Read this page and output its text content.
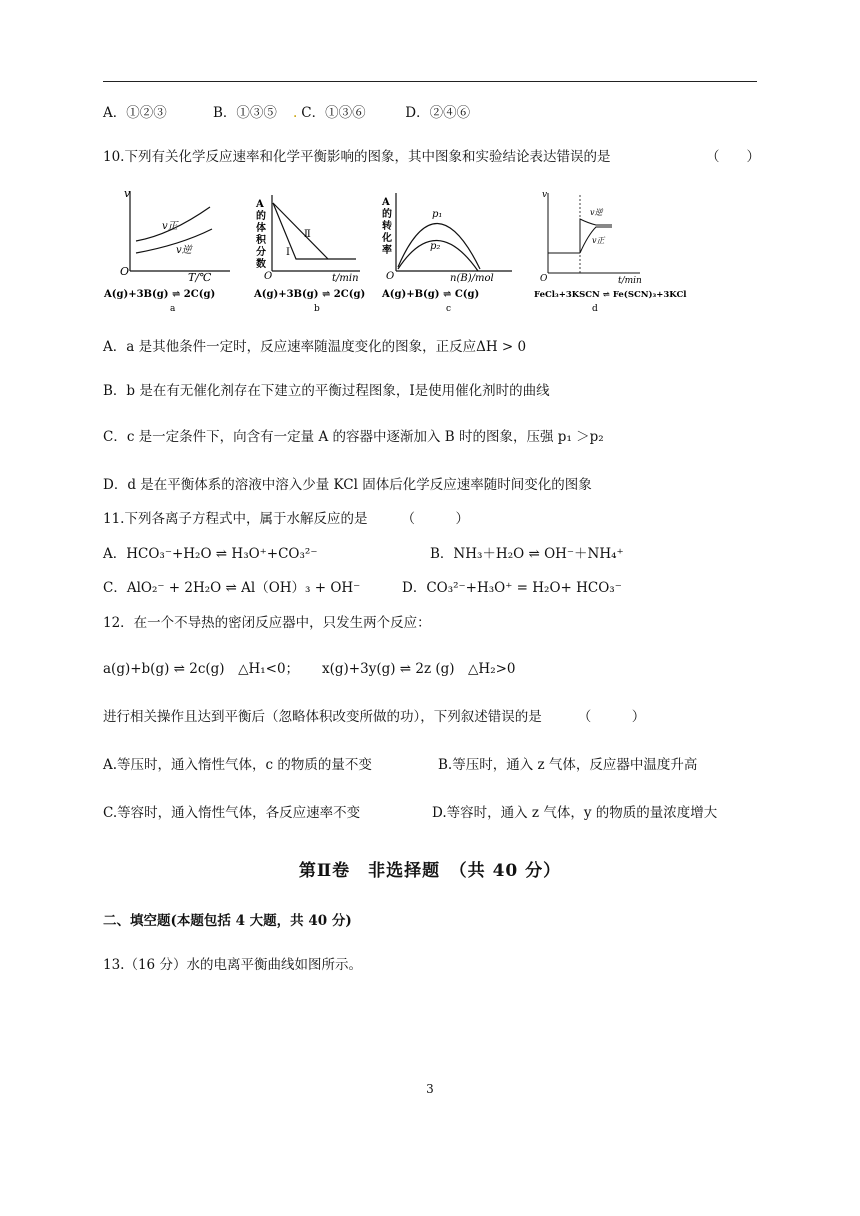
A．①②③	B．①③⑤ . C．①③⑥	D．②④⑥
10.下列有关化学反应速率和化学平衡影响的图象，其中图象和实验结论表达错误的是	（　　）
v
v正
v逆
O	T/℃
A(g)+3B(g) ⇌ 2C(g)
a
A 的 体 积 分 数
Ⅰ
Ⅱ
O	t/min
A(g)+3B(g) ⇌ 2C(g)
b
A 的 转 化 率
p₁
p₂
O	n(B)/mol
A(g)+B(g) ⇌ C(g)
c
v
v逆
v正
O	t/min
FeCl₃+3KSCN ⇌ Fe(SCN)₃+3KCl
d
A．a 是其他条件一定时，反应速率随温度变化的图象，正反应ΔH > 0
B．b 是在有无催化剂存在下建立的平衡过程图象，Ⅰ是使用催化剂时的曲线
C．c 是一定条件下，向含有一定量 A 的容器中逐渐加入 B 时的图象，压强 p₁ ＞p₂
D．d 是在平衡体系的溶液中溶入少量 KCl 固体后化学反应速率随时间变化的图象
11.下列各离子方程式中，属于水解反应的是	（　　　）
A．HCO₃⁻+H₂O ⇌ H₃O⁺+CO₃²⁻	B．NH₃＋H₂O ⇌ OH⁻＋NH₄⁺
C．AlO₂⁻ + 2H₂O ⇌ Al（OH）₃ + OH⁻	D．CO₃²⁻+H₃O⁺ = H₂O+ HCO₃⁻
12．在一个不导热的密闭反应器中，只发生两个反应：
a(g)+b(g) ⇌ 2c(g)　△H₁<0； x(g)+3y(g) ⇌ 2z (g)　△H₂>0
进行相关操作且达到平衡后（忽略体积改变所做的功），下列叙述错误的是	（　　　）
A.等压时，通入惰性气体，c 的物质的量不变	B.等压时，通入 z 气体，反应器中温度升高
C.等容时，通入惰性气体，各反应速率不变	D.等容时，通入 z 气体，y 的物质的量浓度增大
第Ⅱ卷　非选择题　（共 40 分）
二、填空题(本题包括 4 大题，共 40 分)
13.（16 分）水的电离平衡曲线如图所示。
3
